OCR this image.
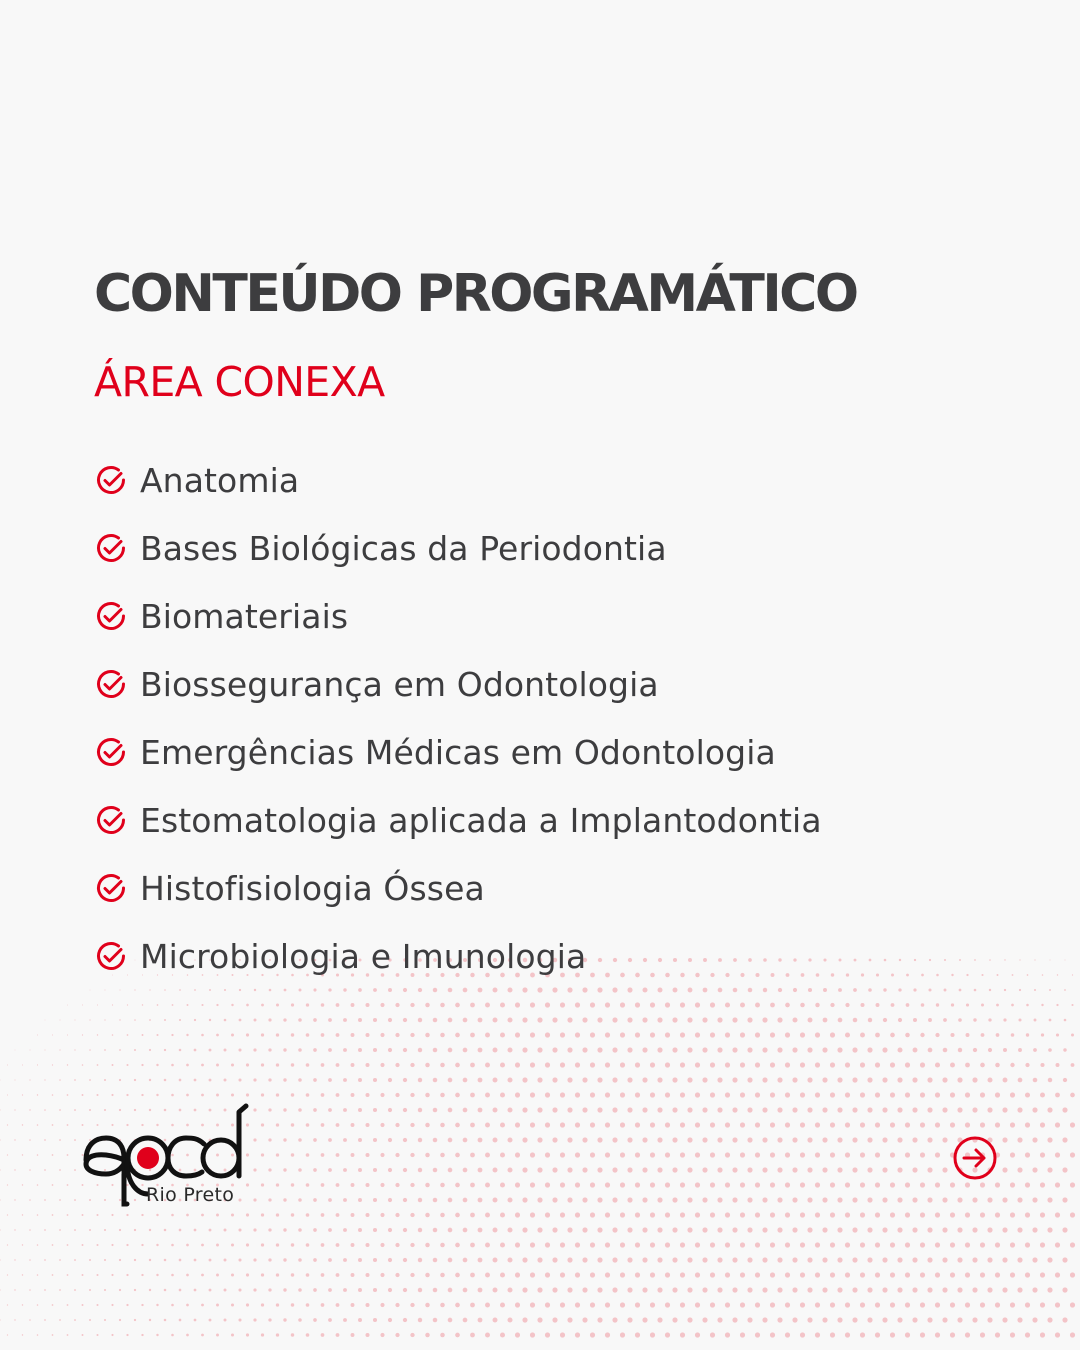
CONTEÚDO PROGRAMÁTICO
ÁREA CONEXA
Anatomia
Bases Biológicas da Periodontia
Biomateriais
Biossegurança em Odontologia
Emergências Médicas em Odontologia
Estomatologia aplicada a Implantodontia
Histofisiologia Óssea
Microbiologia e Imunologia
Rio Preto
